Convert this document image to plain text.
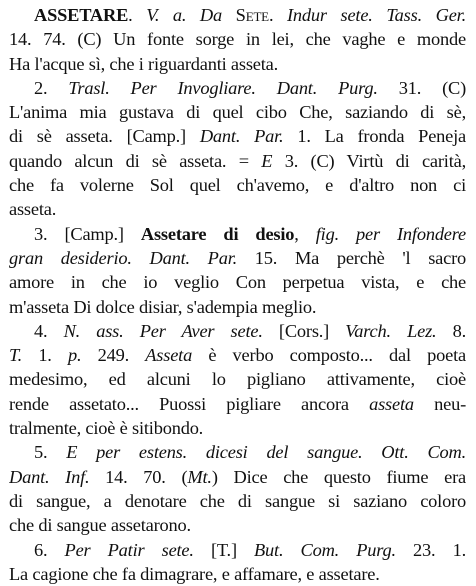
ASSETARE. V. a. Da Sete. Indur sete. Tass. Ger.
14. 74. (C) Un fonte sorge in lei, che vaghe e monde
Ha l'acque sì, che i riguardanti asseta.
2. Trasl. Per Invogliare. Dant. Purg. 31. (C)
L'anima mia gustava di quel cibo Che, saziando di sè,
di sè asseta. [Camp.] Dant. Par. 1. La fronda Peneja
quando alcun di sè asseta. = E 3. (C) Virtù di carità,
che fa volerne Sol quel ch'avemo, e d'altro non ci
asseta.
3. [Camp.] Assetare di desio, fig. per Infondere
gran desiderio. Dant. Par. 15. Ma perchè 'l sacro
amore in che io veglio Con perpetua vista, e che
m'asseta Di dolce disiar, s'adempia meglio.
4. N. ass. Per Aver sete. [Cors.] Varch. Lez. 8.
T. 1. p. 249. Asseta è verbo composto... dal poeta
medesimo, ed alcuni lo pigliano attivamente, cioè
rende assetato... Puossi pigliare ancora asseta neu-
tralmente, cioè è sitibondo.
5. E per estens. dicesi del sangue. Ott. Com.
Dant. Inf. 14. 70. (Mt.) Dice che questo fiume era
di sangue, a denotare che di sangue si saziano coloro
che di sangue assetarono.
6. Per Patir sete. [T.] But. Com. Purg. 23. 1.
La cagione che fa dimagrare, e affamare, e assetare.
